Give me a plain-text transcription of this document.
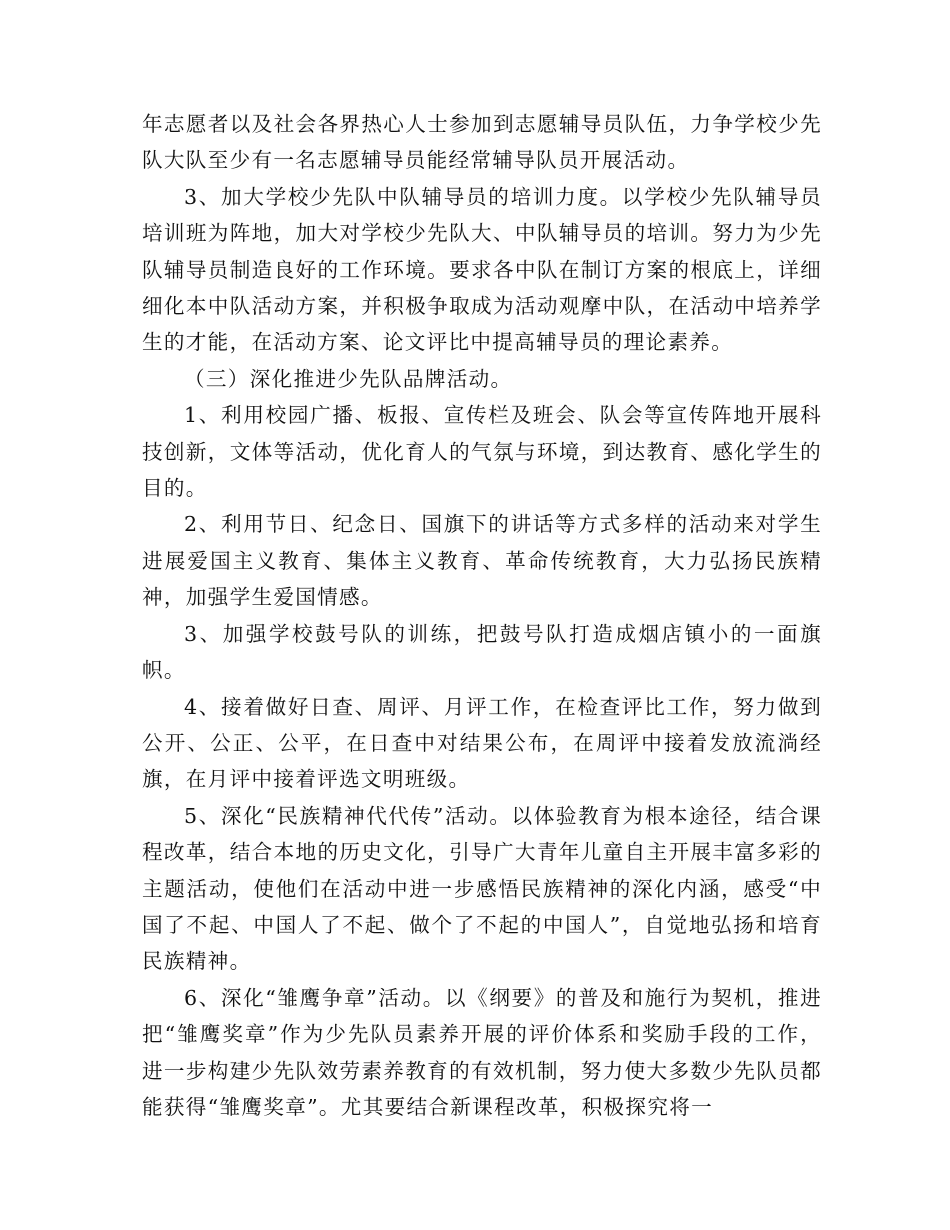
年志愿者以及社会各界热心人士参加到志愿辅导员队伍，力争学校少先队大队至少有一名志愿辅导员能经常辅导队员开展活动。

3、加大学校少先队中队辅导员的培训力度。以学校少先队辅导员培训班为阵地，加大对学校少先队大、中队辅导员的培训。努力为少先队辅导员制造良好的工作环境。要求各中队在制订方案的根底上，详细细化本中队活动方案，并积极争取成为活动观摩中队，在活动中培养学生的才能，在活动方案、论文评比中提高辅导员的理论素养。

（三）深化推进少先队品牌活动。

1、利用校园广播、板报、宣传栏及班会、队会等宣传阵地开展科技创新，文体等活动，优化育人的气氛与环境，到达教育、感化学生的目的。

2、利用节日、纪念日、国旗下的讲话等方式多样的活动来对学生进展爱国主义教育、集体主义教育、革命传统教育，大力弘扬民族精神，加强学生爱国情感。

3、加强学校鼓号队的训练，把鼓号队打造成烟店镇小的一面旗帜。

4、接着做好日查、周评、月评工作，在检查评比工作，努力做到公开、公正、公平，在日查中对结果公布，在周评中接着发放流淌经旗，在月评中接着评选文明班级。

5、深化“民族精神代代传”活动。以体验教育为根本途径，结合课程改革，结合本地的历史文化，引导广大青年儿童自主开展丰富多彩的主题活动，使他们在活动中进一步感悟民族精神的深化内涵，感受“中国了不起、中国人了不起、做个了不起的中国人”，自觉地弘扬和培育民族精神。

6、深化“雏鹰争章”活动。以《纲要》的普及和施行为契机，推进把“雏鹰奖章”作为少先队员素养开展的评价体系和奖励手段的工作，进一步构建少先队效劳素养教育的有效机制，努力使大多数少先队员都能获得“雏鹰奖章”。尤其要结合新课程改革，积极探究将一
